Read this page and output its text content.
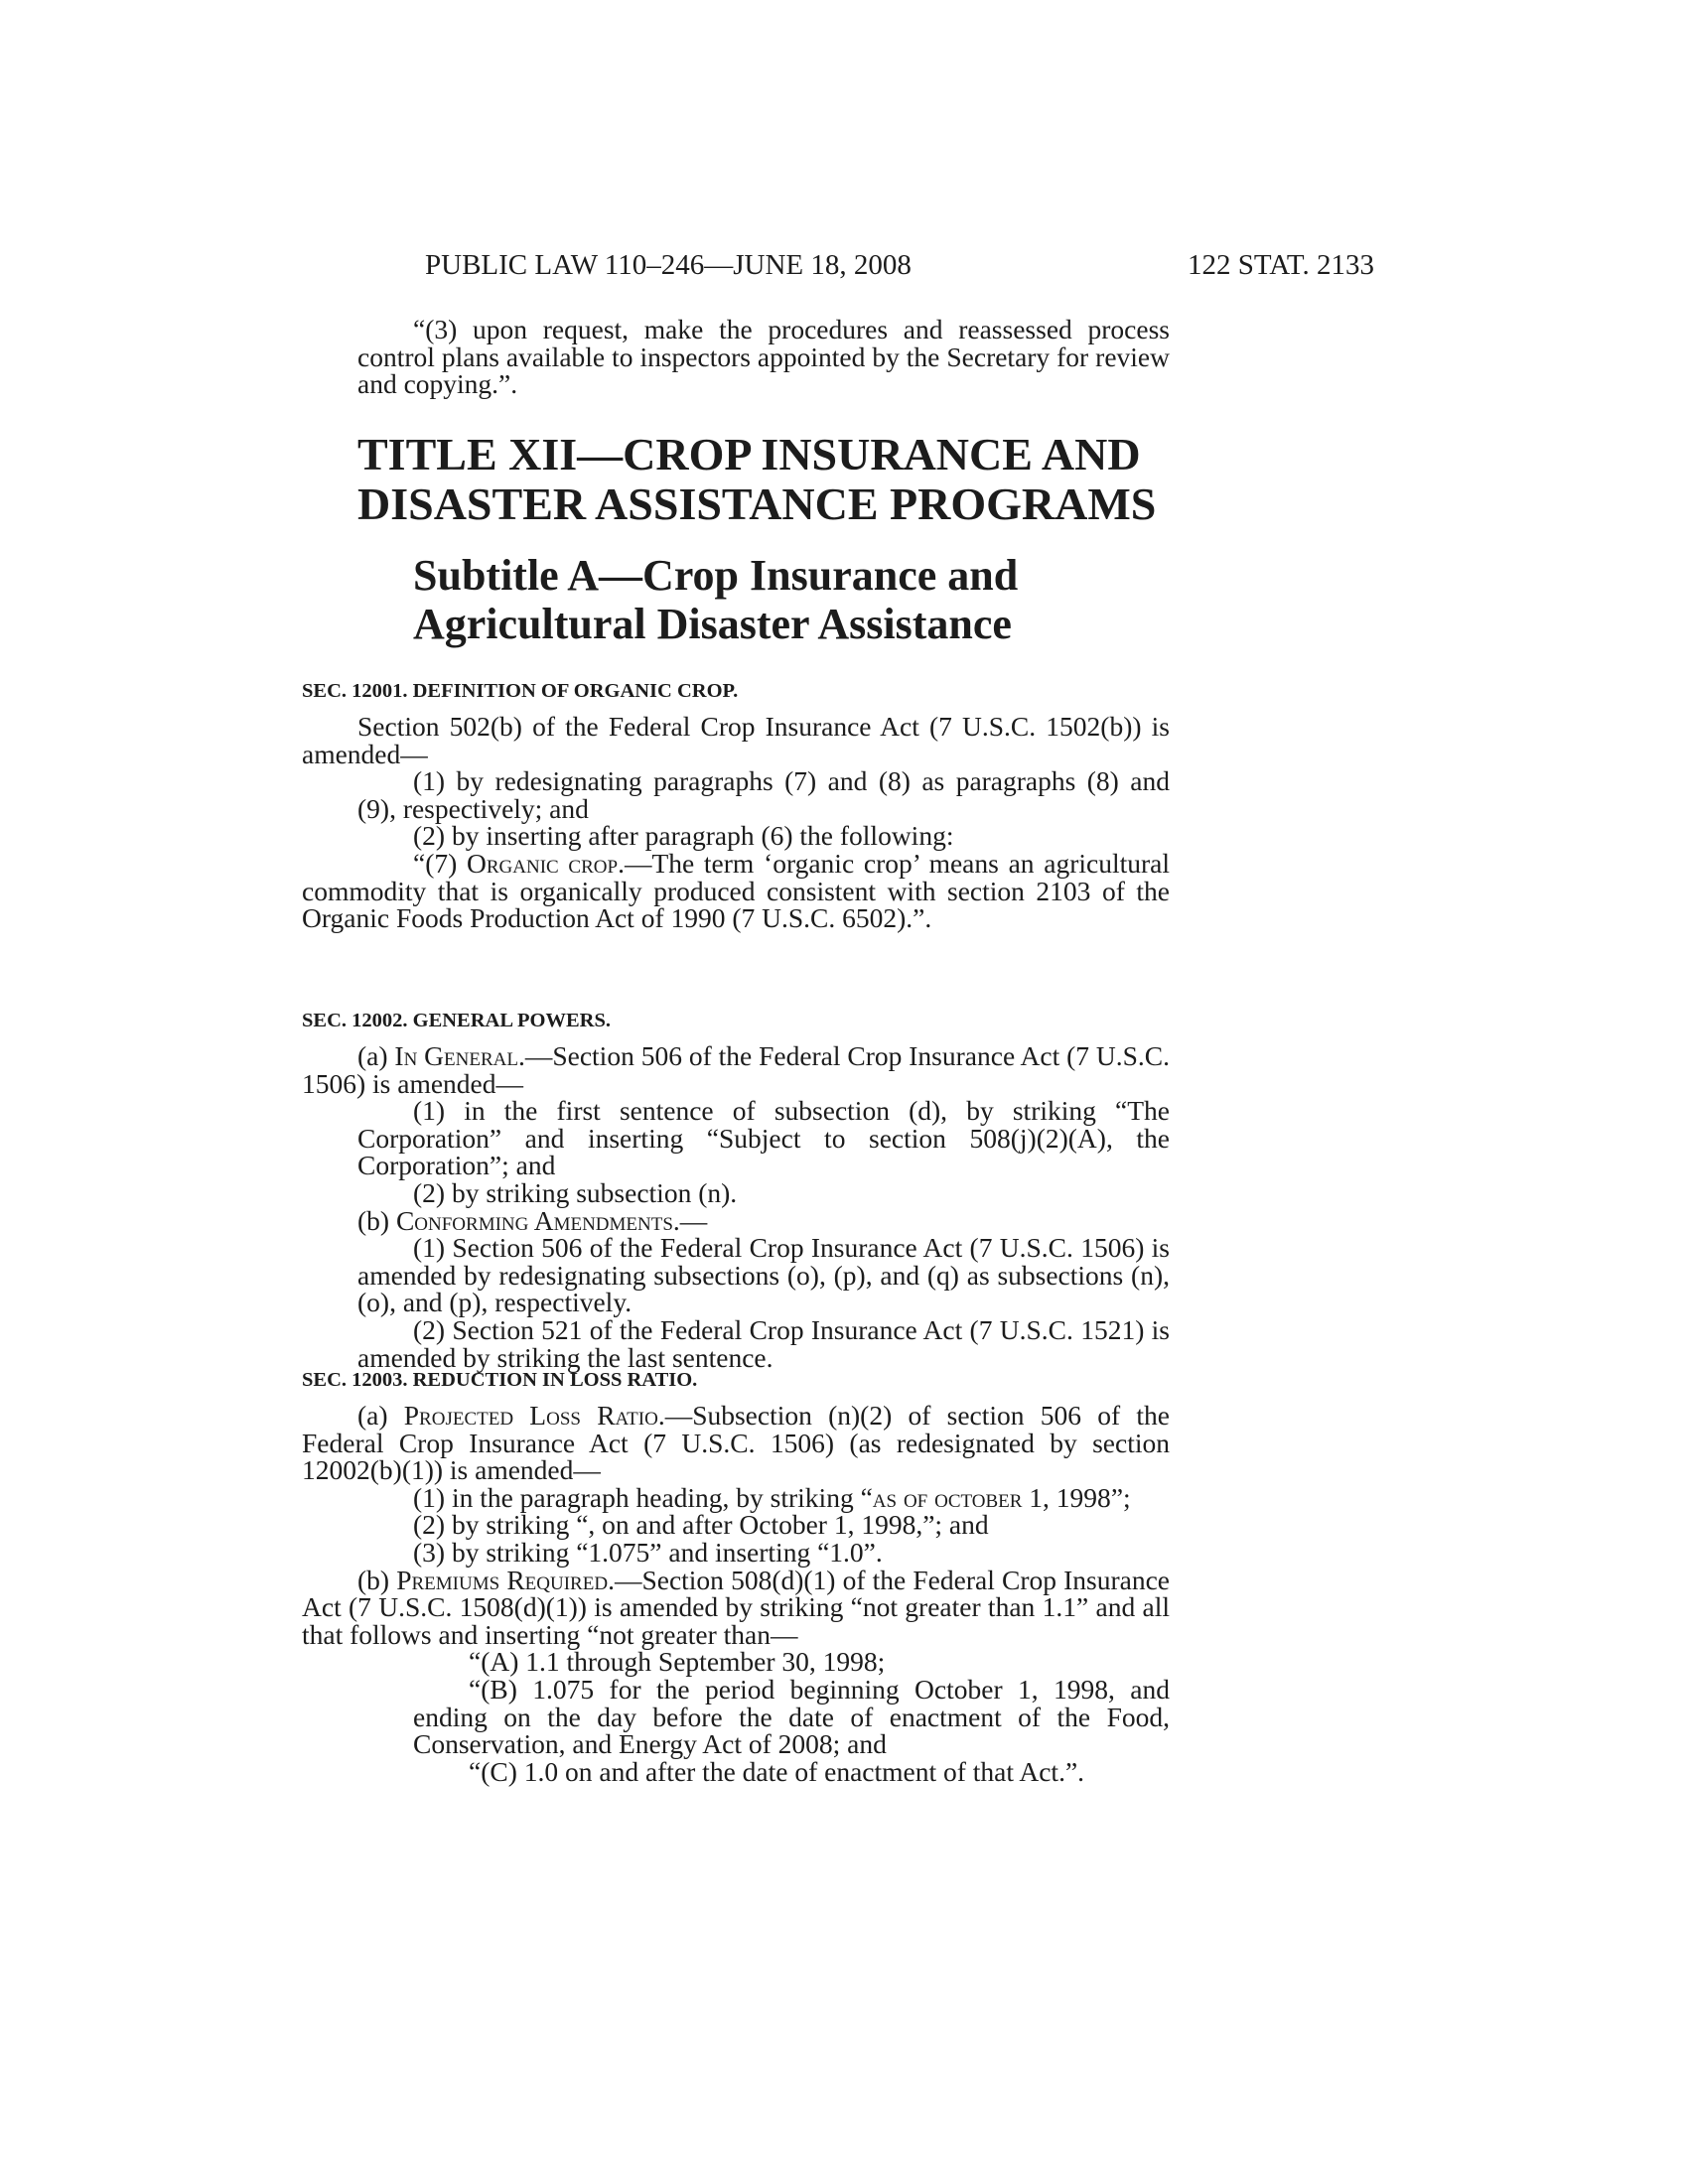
PUBLIC LAW 110–246—JUNE 18, 2008	122 STAT. 2133

“(3) upon request, make the procedures and reassessed process control plans available to inspectors appointed by the Secretary for review and copying.”.

TITLE XII—CROP INSURANCE AND

DISASTER ASSISTANCE PROGRAMS

Subtitle A—Crop Insurance and

Agricultural Disaster Assistance

SEC. 12001. DEFINITION OF ORGANIC CROP.

Section 502(b) of the Federal Crop Insurance Act (7 U.S.C. 1502(b)) is amended—

(1) by redesignating paragraphs (7) and (8) as paragraphs (8) and (9), respectively; and

(2) by inserting after paragraph (6) the following:

“(7) Organic crop.—The term ‘organic crop’ means an agricultural commodity that is organically produced consistent with section 2103 of the Organic Foods Production Act of 1990 (7 U.S.C. 6502).”.

SEC. 12002. GENERAL POWERS.

(a) In General.—Section 506 of the Federal Crop Insurance Act (7 U.S.C. 1506) is amended—

(1) in the first sentence of subsection (d), by striking “The Corporation” and inserting “Subject to section 508(j)(2)(A), the Corporation”; and

(2) by striking subsection (n).

(b) Conforming Amendments.—

(1) Section 506 of the Federal Crop Insurance Act (7 U.S.C. 1506) is amended by redesignating subsections (o), (p), and (q) as subsections (n), (o), and (p), respectively.

(2) Section 521 of the Federal Crop Insurance Act (7 U.S.C. 1521) is amended by striking the last sentence.

SEC. 12003. REDUCTION IN LOSS RATIO.

(a) Projected Loss Ratio.—Subsection (n)(2) of section 506 of the Federal Crop Insurance Act (7 U.S.C. 1506) (as redesignated by section 12002(b)(1)) is amended—

(1) in the paragraph heading, by striking “as of october 1, 1998”;

(2) by striking “, on and after October 1, 1998,”; and

(3) by striking “1.075” and inserting “1.0”.

(b) Premiums Required.—Section 508(d)(1) of the Federal Crop Insurance Act (7 U.S.C. 1508(d)(1)) is amended by striking “not greater than 1.1” and all that follows and inserting “not greater than—

“(A) 1.1 through September 30, 1998;

“(B) 1.075 for the period beginning October 1, 1998, and ending on the day before the date of enactment of the Food, Conservation, and Energy Act of 2008; and

“(C) 1.0 on and after the date of enactment of that Act.”.
